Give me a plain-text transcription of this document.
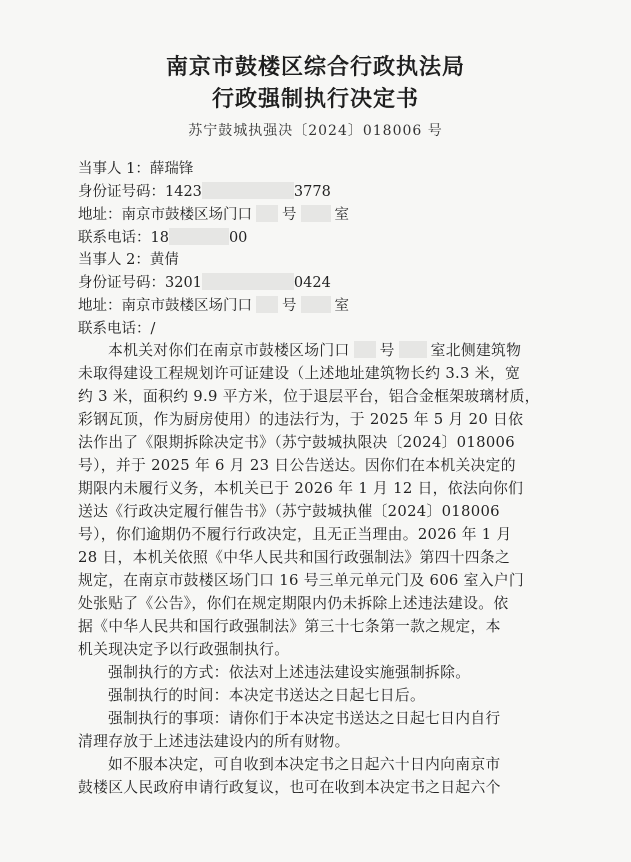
南京市鼓楼区综合行政执法局
行政强制执行决定书
苏宁鼓城执强决〔2024〕018006 号
当事人 1：薛瑞锋
身份证号码：1423	3778
地址：南京市鼓楼区场门口 号	室
联系电话：18	00
当事人 2：黄倩
身份证号码：3201	0424
地址：南京市鼓楼区场门口 号	室
联系电话：/
本机关对你们在南京市鼓楼区场门口 号 室北侧建筑物
未取得建设工程规划许可证建设（上述地址建筑物长约 3.3 米，宽
约 3 米，面积约 9.9 平方米，位于退层平台，铝合金框架玻璃材质，
彩钢瓦顶，作为厨房使用）的违法行为，于 2025 年 5 月 20 日依
法作出了《限期拆除决定书》（苏宁鼓城执限决〔2024〕018006
号），并于 2025 年 6 月 23 日公告送达。因你们在本机关决定的
期限内未履行义务，本机关已于 2026 年 1 月 12 日，依法向你们
送达《行政决定履行催告书》（苏宁鼓城执催〔2024〕018006
号），你们逾期仍不履行行政决定，且无正当理由。2026 年 1 月
28 日，本机关依照《中华人民共和国行政强制法》第四十四条之
规定，在南京市鼓楼区场门口 16 号三单元单元门及 606 室入户门
处张贴了《公告》，你们在规定期限内仍未拆除上述违法建设。依
据《中华人民共和国行政强制法》第三十七条第一款之规定，本
机关现决定予以行政强制执行。
强制执行的方式：依法对上述违法建设实施强制拆除。
强制执行的时间：本决定书送达之日起七日后。
强制执行的事项：请你们于本决定书送达之日起七日内自行
清理存放于上述违法建设内的所有财物。
如不服本决定，可自收到本决定书之日起六十日内向南京市
鼓楼区人民政府申请行政复议，也可在收到本决定书之日起六个
